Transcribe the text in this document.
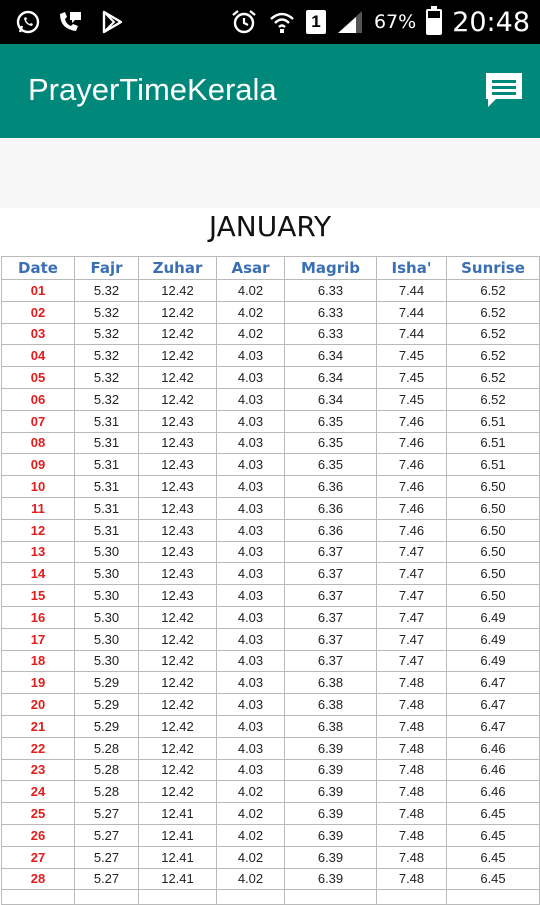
1	67% 20:48
PrayerTimeKerala
JANUARY
Date	Fajr	Zuhar	Asar	Magrib	Isha'	Sunrise
01	5.32	12.42	4.02	6.33	7.44	6.52
02	5.32	12.42	4.02	6.33	7.44	6.52
03	5.32	12.42	4.02	6.33	7.44	6.52
04	5.32	12.42	4.03	6.34	7.45	6.52
05	5.32	12.42	4.03	6.34	7.45	6.52
06	5.32	12.42	4.03	6.34	7.45	6.52
07	5.31	12.43	4.03	6.35	7.46	6.51
08	5.31	12.43	4.03	6.35	7.46	6.51
09	5.31	12.43	4.03	6.35	7.46	6.51
10	5.31	12.43	4.03	6.36	7.46	6.50
11	5.31	12.43	4.03	6.36	7.46	6.50
12	5.31	12.43	4.03	6.36	7.46	6.50
13	5.30	12.43	4.03	6.37	7.47	6.50
14	5.30	12.43	4.03	6.37	7.47	6.50
15	5.30	12.43	4.03	6.37	7.47	6.50
16	5.30	12.42	4.03	6.37	7.47	6.49
17	5.30	12.42	4.03	6.37	7.47	6.49
18	5.30	12.42	4.03	6.37	7.47	6.49
19	5.29	12.42	4.03	6.38	7.48	6.47
20	5.29	12.42	4.03	6.38	7.48	6.47
21	5.29	12.42	4.03	6.38	7.48	6.47
22	5.28	12.42	4.03	6.39	7.48	6.46
23	5.28	12.42	4.03	6.39	7.48	6.46
24	5.28	12.42	4.02	6.39	7.48	6.46
25	5.27	12.41	4.02	6.39	7.48	6.45
26	5.27	12.41	4.02	6.39	7.48	6.45
27	5.27	12.41	4.02	6.39	7.48	6.45
28	5.27	12.41	4.02	6.39	7.48	6.45
